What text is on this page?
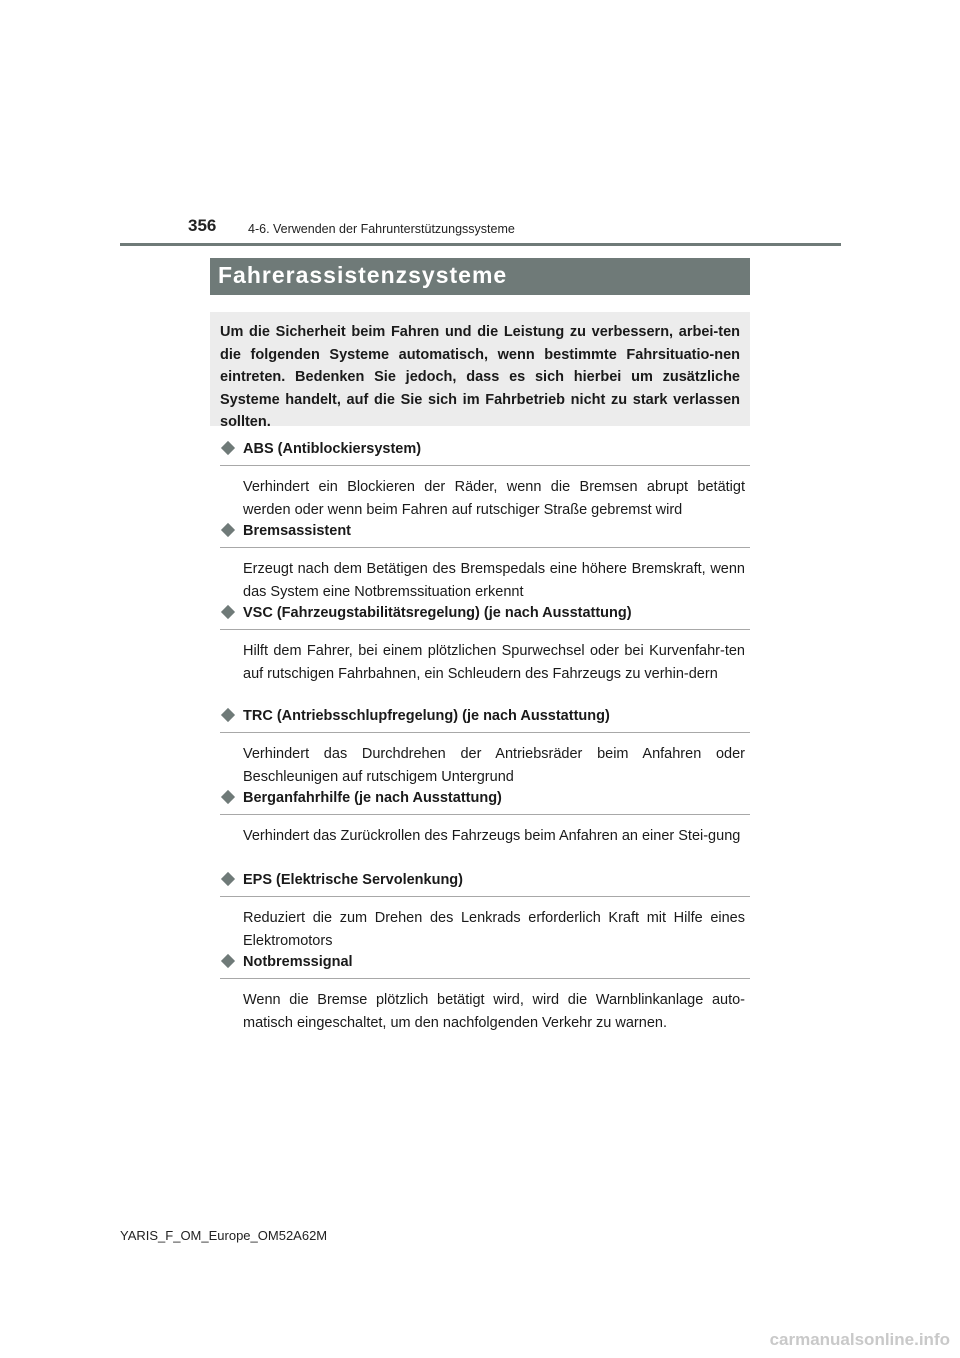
356	4-6. Verwenden der Fahrunterstützungssysteme
Fahrerassistenzsysteme

Um die Sicherheit beim Fahren und die Leistung zu verbessern, arbei-ten die folgenden Systeme automatisch, wenn bestimmte Fahrsituatio-nen eintreten. Bedenken Sie jedoch, dass es sich hierbei um zusätzliche Systeme handelt, auf die Sie sich im Fahrbetrieb nicht zu stark verlassen sollten.

ABS (Antiblockiersystem)

Verhindert ein Blockieren der Räder, wenn die Bremsen abrupt betätigt werden oder wenn beim Fahren auf rutschiger Straße gebremst wird

Bremsassistent

Erzeugt nach dem Betätigen des Bremspedals eine höhere Bremskraft, wenn das System eine Notbremssituation erkennt

VSC (Fahrzeugstabilitätsregelung) (je nach Ausstattung)

Hilft dem Fahrer, bei einem plötzlichen Spurwechsel oder bei Kurvenfahr-ten auf rutschigen Fahrbahnen, ein Schleudern des Fahrzeugs zu verhin-dern

TRC (Antriebsschlupfregelung) (je nach Ausstattung)

Verhindert das Durchdrehen der Antriebsräder beim Anfahren oder Beschleunigen auf rutschigem Untergrund

Berganfahrhilfe (je nach Ausstattung)

Verhindert das Zurückrollen des Fahrzeugs beim Anfahren an einer Stei-gung

EPS (Elektrische Servolenkung)

Reduziert die zum Drehen des Lenkrads erforderlich Kraft mit Hilfe eines Elektromotors

Notbremssignal

Wenn die Bremse plötzlich betätigt wird, wird die Warnblinkanlage auto-matisch eingeschaltet, um den nachfolgenden Verkehr zu warnen.

YARIS_F_OM_Europe_OM52A62M
carmanualsonline.info
